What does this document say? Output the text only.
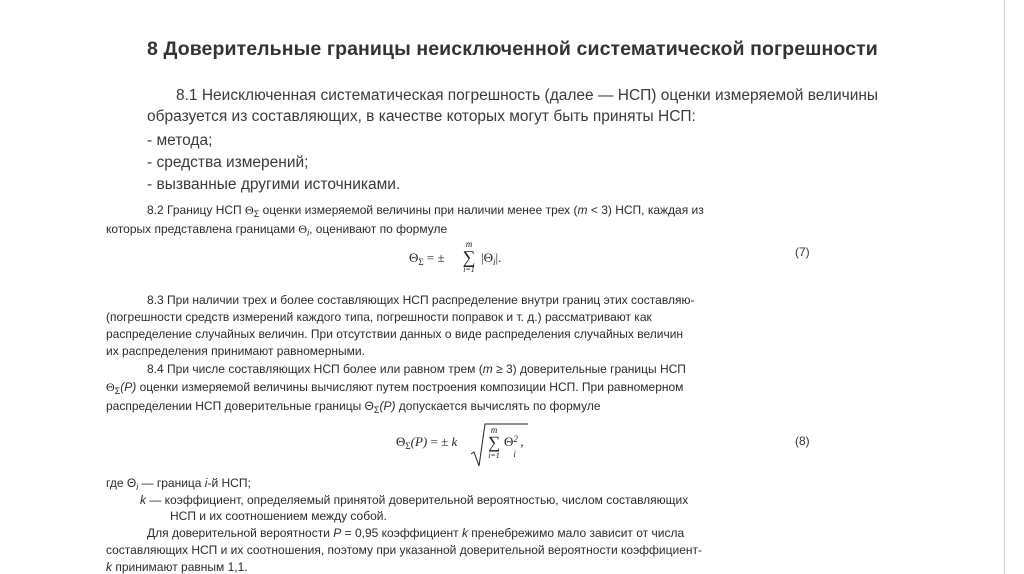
8 Доверительные границы неисключенной систематической погрешности
8.1 Неисключенная систематическая погрешность (далее — НСП) оценки измеряемой величины
образуется из составляющих, в качестве которых могут быть приняты НСП:
- метода;
- средства измерений;
- вызванные другими источниками.
8.2 Границу НСП $\Theta_\Sigma$ оценки измеряемой величины при наличии менее трех (m < 3) НСП, каждая из
которых представлена границами $\Theta_i$, оценивают по формуле
$\Theta_\Sigma$ = ±
m
∑
i=1
$|\Theta_i|$.	(7)
8.3 При наличии трех и более составляющих НСП распределение внутри границ этих составляю-
(погрешности средств измерений каждого типа, погрешности поправок и т. д.) рассматривают как
распределение случайных величин. При отсутствии данных о виде распределения случайных величин
их распределения принимают равномерными.
8.4 При числе составляющих НСП более или равном трем (m ≥ 3) доверительные границы НСП
$\Theta_\Sigma(P)$ оценки измеряемой величины вычисляют путем построения композиции НСП. При равномерном
распределении НСП доверительные границы $\Theta_\Sigma(P)$ допускается вычислять по формуле
$\Theta_\Sigma(P)$ = ± k
m
∑
i=1
Θ 2
i
,	(8)
где $\Theta_i$ — граница i-й НСП;
k — коэффициент, определяемый принятой доверительной вероятностью, числом составляющих
НСП и их соотношением между собой.
Для доверительной вероятности P = 0,95 коэффициент k пренебрежимо мало зависит от числа
составляющих НСП и их соотношения, поэтому при указанной доверительной вероятности коэффициент-
k принимают равным 1,1.
